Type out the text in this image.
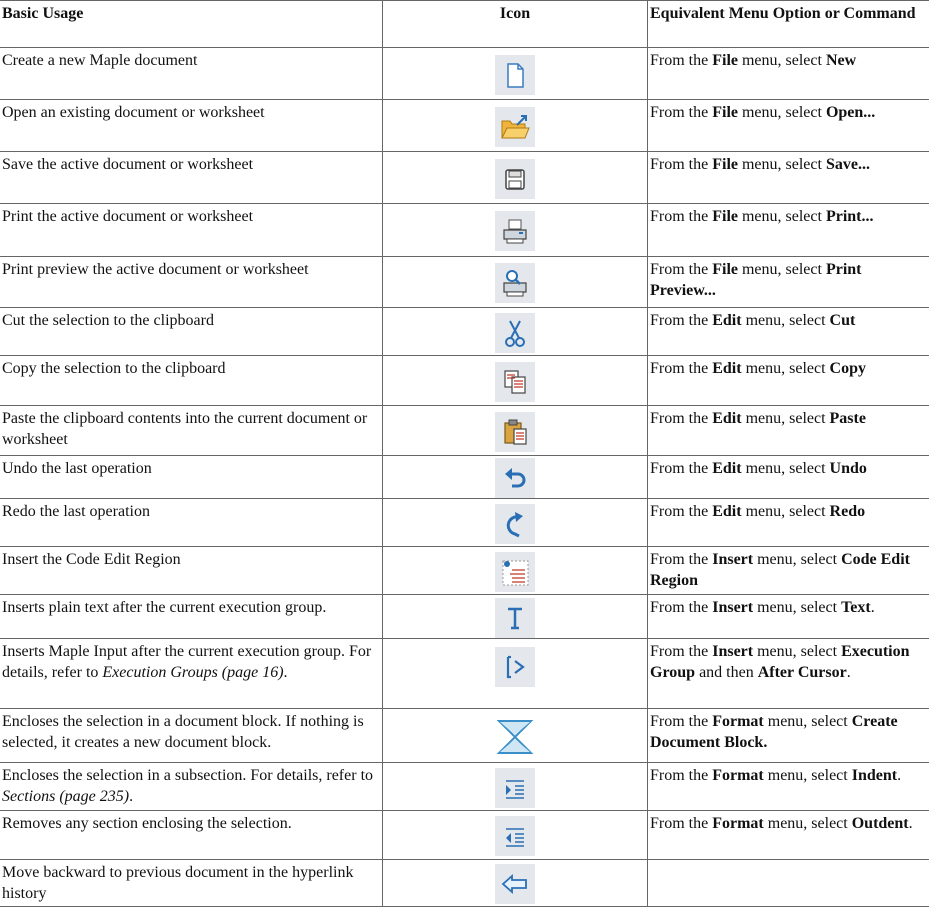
Basic Usage	Icon	Equivalent Menu Option or Command
Create a new Maple document		From the File menu, select New
Open an existing document or worksheet		From the File menu, select Open...
Save the active document or worksheet		From the File menu, select Save...
Print the active document or worksheet		From the File menu, select Print...
Print preview the active document or worksheet		From the File menu, select Print Preview...
Cut the selection to the clipboard		From the Edit menu, select Cut
Copy the selection to the clipboard		From the Edit menu, select Copy
Paste the clipboard contents into the current document or worksheet		From the Edit menu, select Paste
Undo the last operation		From the Edit menu, select Undo
Redo the last operation		From the Edit menu, select Redo
Insert the Code Edit Region		From the Insert menu, select Code Edit Region
Inserts plain text after the current execution group.		From the Insert menu, select Text.
Inserts Maple Input after the current execution group. For details, refer to Execution Groups (page 16).		From the Insert menu, select Execution Group and then After Cursor.
Encloses the selection in a document block. If nothing is selected, it creates a new document block.		From the Format menu, select Create Document Block.
Encloses the selection in a subsection. For details, refer to Sections (page 235).		From the Format menu, select Indent.
Removes any section enclosing the selection.		From the Format menu, select Outdent.
Move backward to previous document in the hyperlink history	
